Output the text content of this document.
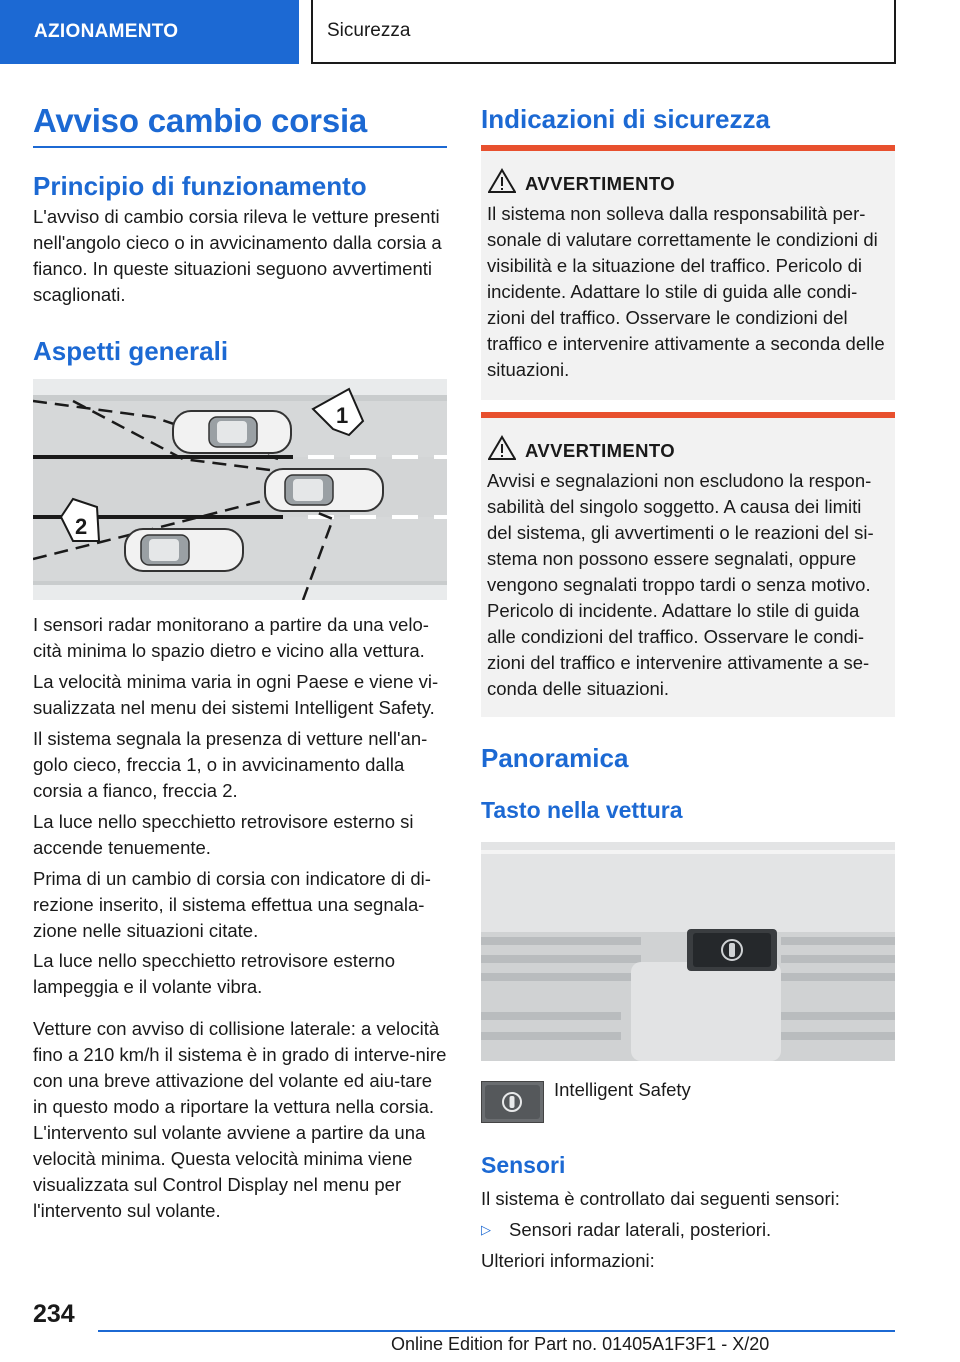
AZIONAMENTO	Sicurezza
Avviso cambio corsia
Principio di funzionamento

L'avviso di cambio corsia rileva le vetture presenti nell'angolo cieco o in avvicinamento dalla corsia a fianco. In queste situazioni seguono avvertimenti scaglionati.

Aspetti generali
1
2

I sensori radar monitorano a partire da una velo-cità minima lo spazio dietro e vicino alla vettura.

La velocità minima varia in ogni Paese e viene vi-sualizzata nel menu dei sistemi Intelligent Safety.

Il sistema segnala la presenza di vetture nell'an-golo cieco, freccia 1, o in avvicinamento dalla corsia a fianco, freccia 2.

La luce nello specchietto retrovisore esterno si accende tenuemente.

Prima di un cambio di corsia con indicatore di di-rezione inserito, il sistema effettua una segnala-zione nelle situazioni citate.

La luce nello specchietto retrovisore esterno lampeggia e il volante vibra.

Vetture con avviso di collisione laterale: a velocità fino a 210 km/h il sistema è in grado di interve-nire con una breve attivazione del volante ed aiu-tare in questo modo a riportare la vettura nella corsia. L'intervento sul volante avviene a partire da una velocità minima. Questa velocità minima viene visualizzata sul Control Display nel menu per l'intervento sul volante.

Indicazioni di sicurezza
AVVERTIMENTO

Il sistema non solleva dalla responsabilità per-sonale di valutare correttamente le condizioni di visibilità e la situazione del traffico. Pericolo di incidente. Adattare lo stile di guida alle condi-zioni del traffico. Osservare le condizioni del traffico e intervenire attivamente a seconda delle situazioni.

AVVERTIMENTO

Avvisi e segnalazioni non escludono la respon-sabilità del singolo soggetto. A causa dei limiti del sistema, gli avvertimenti o le reazioni del si-stema non possono essere segnalati, oppure vengono segnalati troppo tardi o senza motivo. Pericolo di incidente. Adattare lo stile di guida alle condizioni del traffico. Osservare le condi-zioni del traffico e intervenire attivamente a se-conda delle situazioni.

Panoramica
Tasto nella vettura

Intelligent Safety

Sensori

Il sistema è controllato dai seguenti sensori:

▷ Sensori radar laterali, posteriori.

Ulteriori informazioni:

234
Online Edition for Part no. 01405A1F3F1 - X/20
